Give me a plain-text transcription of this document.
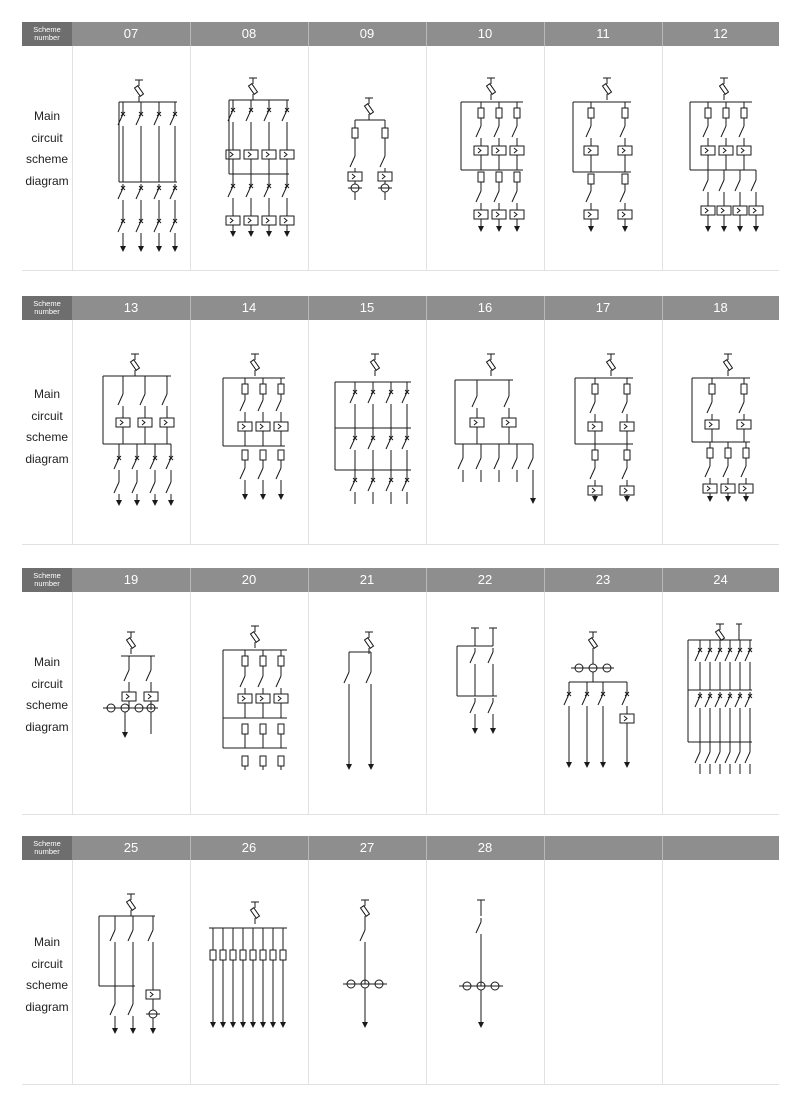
Scheme
number	07	08	09	10	11	12
Main
circuit
scheme
diagram
Scheme
number	13	14	15	16	17	18
Main
circuit
scheme
diagram
Scheme
number	19	20	21	22	23	24
Main
circuit
scheme
diagram
Scheme
number	25	26	27	28
Main
circuit
scheme
diagram
